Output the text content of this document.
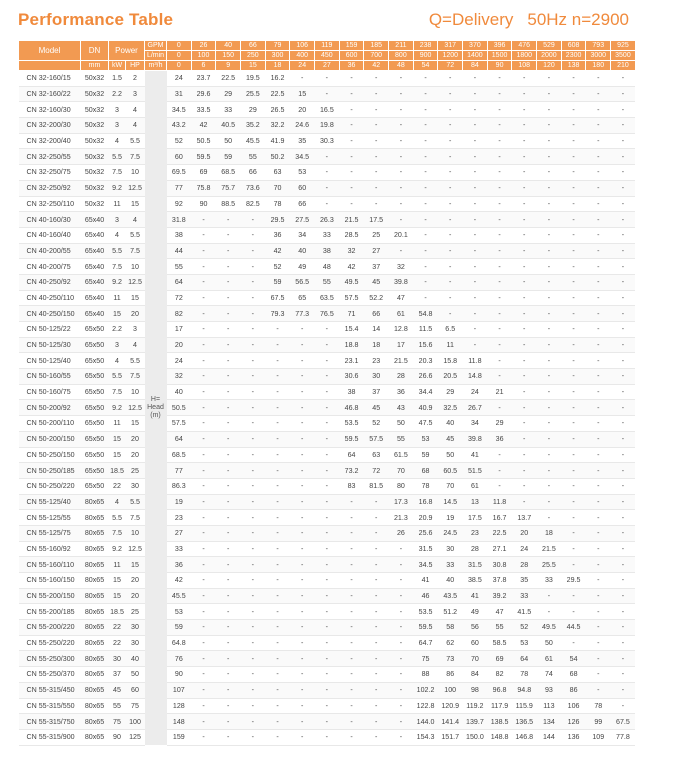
Performance Table	Q=Delivery 50Hz n=2900
Model	DN	Power		GPM	0	26	40	66	79	106	119	159	185	211	238	317	370	396	476	529	608	793	925
				L/min	0	100	150	250	300	400	450	600	700	800	900	1200	1400	1500	1800	2000	2300	3000	3500
	mm	kW	HP	m³/h	0	6	9	15	18	24	27	36	42	48	54	72	84	90	108	120	138	180	210
CN 32-160/15	50x32	1.5	2	H= Head (m)	24	23.7	22.5	19.5	16.2	-	-	-	-	-	-	-	-	-	-	-	-	-	-
CN 32-160/22	50x32	2.2	3		31	29.6	29	25.5	22.5	15	-	-	-	-	-	-	-	-	-	-	-	-	-
CN 32-160/30	50x32	3	4		34.5	33.5	33	29	26.5	20	16.5	-	-	-	-	-	-	-	-	-	-	-	-
CN 32-200/30	50x32	3	4		43.2	42	40.5	35.2	32.2	24.6	19.8	-	-	-	-	-	-	-	-	-	-	-	-
CN 32-200/40	50x32	4	5.5		52	50.5	50	45.5	41.9	35	30.3	-	-	-	-	-	-	-	-	-	-	-	-
CN 32-250/55	50x32	5.5	7.5		60	59.5	59	55	50.2	34.5	-	-	-	-	-	-	-	-	-	-	-	-	-
CN 32-250/75	50x32	7.5	10		69.5	69	68.5	66	63	53	-	-	-	-	-	-	-	-	-	-	-	-	-
CN 32-250/92	50x32	9.2	12.5		77	75.8	75.7	73.6	70	60	-	-	-	-	-	-	-	-	-	-	-	-	-
CN 32-250/110	50x32	11	15		92	90	88.5	82.5	78	66	-	-	-	-	-	-	-	-	-	-	-	-	-
CN 40-160/30	65x40	3	4		31.8	-	-	-	29.5	27.5	26.3	21.5	17.5	-	-	-	-	-	-	-	-	-	-
CN 40-160/40	65x40	4	5.5		38	-	-	-	36	34	33	28.5	25	20.1	-	-	-	-	-	-	-	-	-
CN 40-200/55	65x40	5.5	7.5		44	-	-	-	42	40	38	32	27	-	-	-	-	-	-	-	-	-	-
CN 40-200/75	65x40	7.5	10		55	-	-	-	52	49	48	42	37	32	-	-	-	-	-	-	-	-	-
CN 40-250/92	65x40	9.2	12.5		64	-	-	-	59	56.5	55	49.5	45	39.8	-	-	-	-	-	-	-	-	-
CN 40-250/110	65x40	11	15		72	-	-	-	67.5	65	63.5	57.5	52.2	47	-	-	-	-	-	-	-	-	-
CN 40-250/150	65x40	15	20		82	-	-	-	79.3	77.3	76.5	71	66	61	54.8	-	-	-	-	-	-	-	-
CN 50-125/22	65x50	2.2	3		17	-	-	-	-	-	-	15.4	14	12.8	11.5	6.5	-	-	-	-	-	-	-
CN 50-125/30	65x50	3	4		20	-	-	-	-	-	-	18.8	18	17	15.6	11	-	-	-	-	-	-	-
CN 50-125/40	65x50	4	5.5		24	-	-	-	-	-	-	23.1	23	21.5	20.3	15.8	11.8	-	-	-	-	-	-
CN 50-160/55	65x50	5.5	7.5		32	-	-	-	-	-	-	30.6	30	28	26.6	20.5	14.8	-	-	-	-	-	-
CN 50-160/75	65x50	7.5	10		40	-	-	-	-	-	-	38	37	36	34.4	29	24	21	-	-	-	-	-
CN 50-200/92	65x50	9.2	12.5		50.5	-	-	-	-	-	-	46.8	45	43	40.9	32.5	26.7	-	-	-	-	-	-
CN 50-200/110	65x50	11	15		57.5	-	-	-	-	-	-	53.5	52	50	47.5	40	34	29	-	-	-	-	-
CN 50-200/150	65x50	15	20		64	-	-	-	-	-	-	59.5	57.5	55	53	45	39.8	36	-	-	-	-	-
CN 50-250/150	65x50	15	20		68.5	-	-	-	-	-	-	64	63	61.5	59	50	41	-	-	-	-	-	-
CN 50-250/185	65x50	18.5	25		77	-	-	-	-	-	-	73.2	72	70	68	60.5	51.5	-	-	-	-	-	-
CN 50-250/220	65x50	22	30		86.3	-	-	-	-	-	-	83	81.5	80	78	70	61	-	-	-	-	-	-
CN 55-125/40	80x65	4	5.5		19	-	-	-	-	-	-	-	-	17.3	16.8	14.5	13	11.8	-	-	-	-	-
CN 55-125/55	80x65	5.5	7.5		23	-	-	-	-	-	-	-	-	21.3	20.9	19	17.5	16.7	13.7	-	-	-	-
CN 55-125/75	80x65	7.5	10		27	-	-	-	-	-	-	-	-	26	25.6	24.5	23	22.5	20	18	-	-	-
CN 55-160/92	80x65	9.2	12.5		33	-	-	-	-	-	-	-	-	-	31.5	30	28	27.1	24	21.5	-	-	-
CN 55-160/110	80x65	11	15		36	-	-	-	-	-	-	-	-	-	34.5	33	31.5	30.8	28	25.5	-	-	-
CN 55-160/150	80x65	15	20		42	-	-	-	-	-	-	-	-	-	41	40	38.5	37.8	35	33	29.5	-	-
CN 55-200/150	80x65	15	20		45.5	-	-	-	-	-	-	-	-	-	46	43.5	41	39.2	33	-	-	-	-
CN 55-200/185	80x65	18.5	25		53	-	-	-	-	-	-	-	-	-	53.5	51.2	49	47	41.5	-	-	-	-
CN 55-200/220	80x65	22	30		59	-	-	-	-	-	-	-	-	-	59.5	58	56	55	52	49.5	44.5	-	-
CN 55-250/220	80x65	22	30		64.8	-	-	-	-	-	-	-	-	-	64.7	62	60	58.5	53	50	-	-	-
CN 55-250/300	80x65	30	40		76	-	-	-	-	-	-	-	-	-	75	73	70	69	64	61	54	-	-
CN 55-250/370	80x65	37	50		90	-	-	-	-	-	-	-	-	-	88	86	84	82	78	74	68	-	-
CN 55-315/450	80x65	45	60		107	-	-	-	-	-	-	-	-	-	102.2	100	98	96.8	94.8	93	86	-	-
CN 55-315/550	80x65	55	75		128	-	-	-	-	-	-	-	-	-	122.8	120.9	119.2	117.9	115.9	113	106	78	-
CN 55-315/750	80x65	75	100		148	-	-	-	-	-	-	-	-	-	144.0	141.4	139.7	138.5	136.5	134	126	99	67.5
CN 55-315/900	80x65	90	125		159	-	-	-	-	-	-	-	-	-	154.3	151.7	150.0	148.8	146.8	144	136	109	77.8
